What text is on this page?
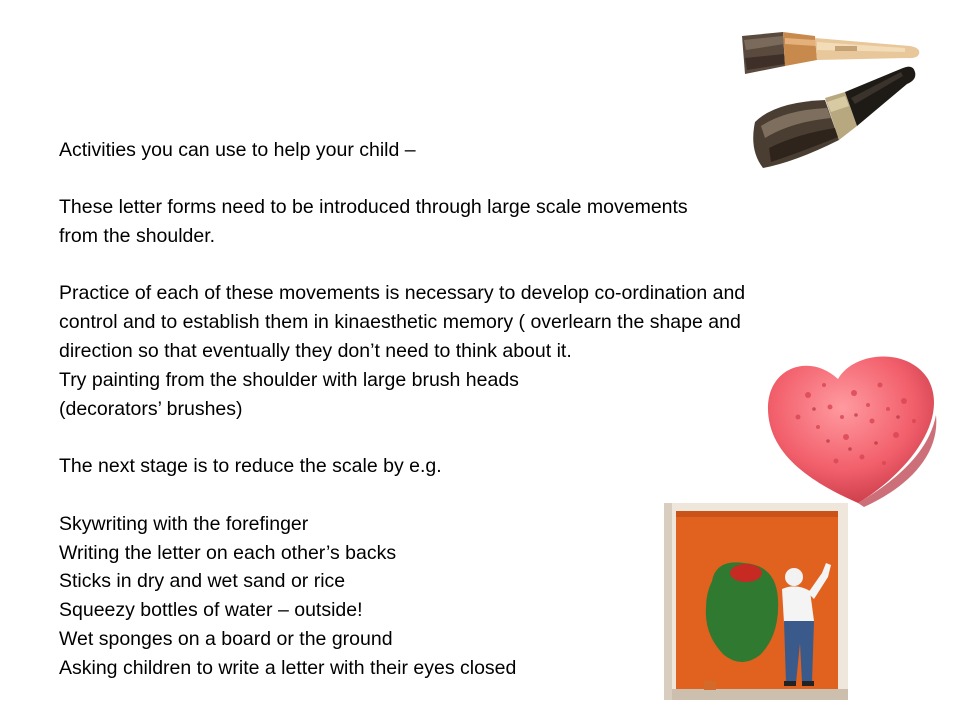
Activities you can use to help your child –
These letter forms need to be introduced through large scale movements
from the shoulder.
Practice of each of these movements is necessary to develop co-ordination and
control and to establish them in kinaesthetic memory ( overlearn the shape and
direction so that eventually they don’t need to think about it.
Try painting from the shoulder with large brush heads
(decorators’ brushes)
The next stage is to reduce the scale by e.g.
Skywriting with the forefinger
Writing the letter on each other’s backs
Sticks in dry and wet sand or rice
Squeezy bottles of water – outside!
Wet sponges on a board or the ground
Asking children to write a letter with their eyes closed
